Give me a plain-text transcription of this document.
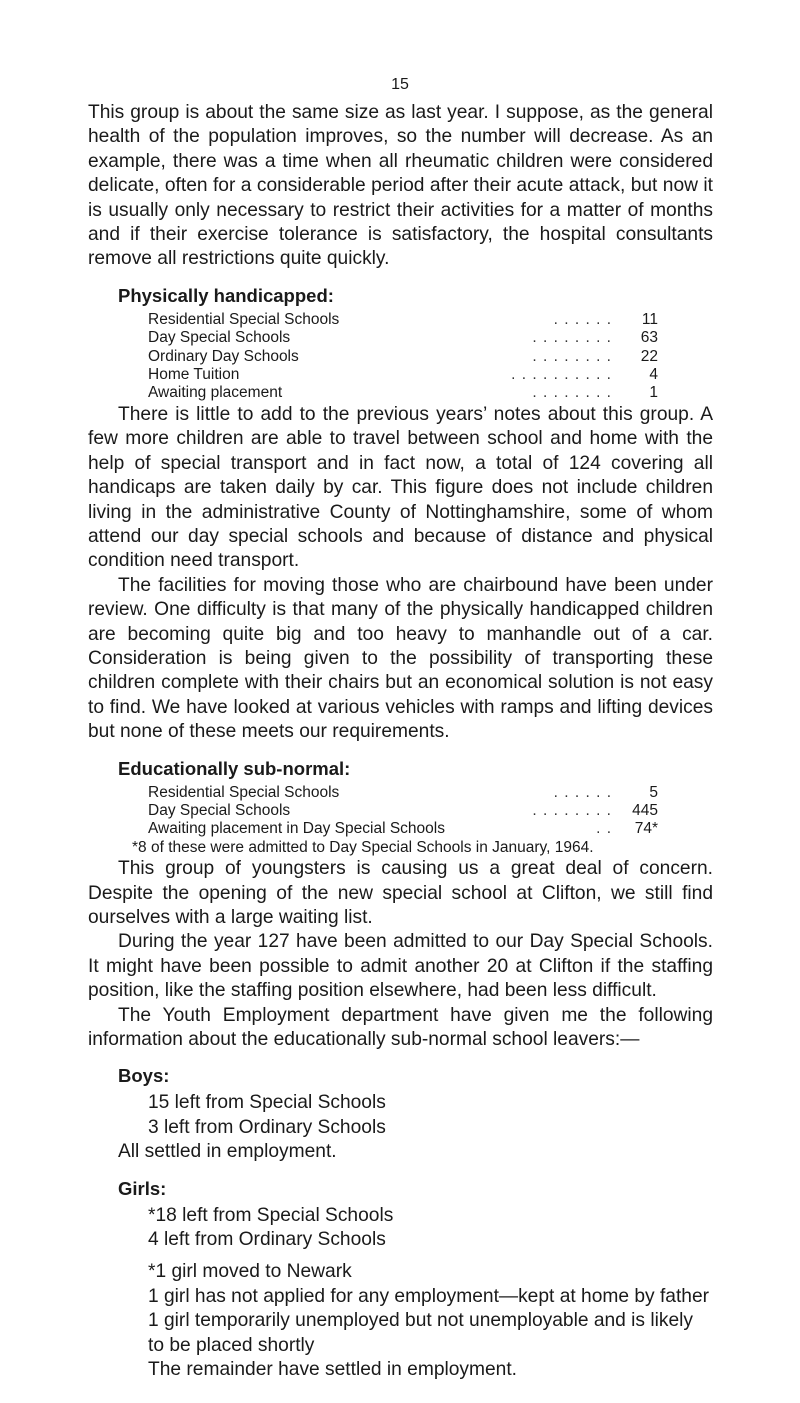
15

This group is about the same size as last year. I suppose, as the general health of the population improves, so the number will decrease. As an example, there was a time when all rheumatic children were considered delicate, often for a considerable period after their acute attack, but now it is usually only necessary to restrict their activities for a matter of months and if their exercise tolerance is satisfactory, the hospital consultants remove all restrictions quite quickly.

Physically handicapped:
Residential Special Schools	. . . . . .	11
Day Special Schools	. . . . . . . .	63
Ordinary Day Schools	. . . . . . . .	22
Home Tuition	. . . . . . . . . .	4
Awaiting placement	. . . . . . . .	1

There is little to add to the previous years’ notes about this group. A few more children are able to travel between school and home with the help of special transport and in fact now, a total of 124 covering all handicaps are taken daily by car. This figure does not include children living in the administrative County of Nottinghamshire, some of whom attend our day special schools and because of distance and physical condition need transport.

The facilities for moving those who are chairbound have been under review. One difficulty is that many of the physically handicapped children are becoming quite big and too heavy to manhandle out of a car. Consideration is being given to the possibility of transporting these children complete with their chairs but an economical solution is not easy to find. We have looked at various vehicles with ramps and lifting devices but none of these meets our requirements.

Educationally sub-normal:
Residential Special Schools	. . . . . .	5
Day Special Schools	. . . . . . . .	445
Awaiting placement in Day Special Schools	. .	74*
*8 of these were admitted to Day Special Schools in January, 1964.

This group of youngsters is causing us a great deal of concern. Despite the opening of the new special school at Clifton, we still find ourselves with a large waiting list.

During the year 127 have been admitted to our Day Special Schools. It might have been possible to admit another 20 at Clifton if the staffing position, like the staffing position elsewhere, had been less difficult.

The Youth Employment department have given me the following information about the educationally sub-normal school leavers:—

Boys:

15 left from Special Schools

3 left from Ordinary Schools

All settled in employment.

Girls:

*18 left from Special Schools

4 left from Ordinary Schools

*1 girl moved to Newark

1 girl has not applied for any employment—kept at home by father

1 girl temporarily unemployed but not unemployable and is likely to be placed shortly

The remainder have settled in employment.
